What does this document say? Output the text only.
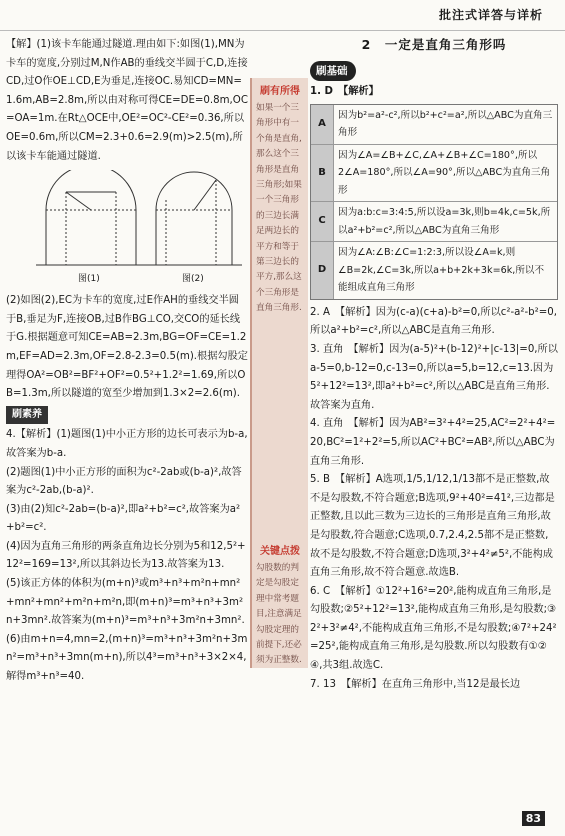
批注式详答与详析

【解】(1)该卡车能通过隧道.理由如下:如图(1),MN为卡车的宽度,分别过M,N作AB的垂线交半圆于C,D,连接CD,过O作OE⊥CD,E为垂足,连接OC.易知CD=MN=1.6m,AB=2.8m,所以由对称可得CE=DE=0.8m,OC=OA=1m.在Rt△OCE中,OE²=OC²-CE²=0.36,所以OE=0.6m,所以CM=2.3+0.6=2.9(m)>2.5(m),所以该卡车能通过隧道.

图(1)	图(2)

(2)如图(2),EC为卡车的宽度,过E作AH的垂线交半圆于B,垂足为F,连接OB,过B作BG⊥CO,交CO的延长线于G.根据题意可知CE=AB=2.3m,BG=OF=CE=1.2m,EF=AD=2.3m,OF=2.8-2.3=0.5(m).根据勾股定理得OA²=OB²=BF²+OF²=0.5²+1.2²=1.69,所以OB=1.3m,所以隧道的宽至少增加到1.3×2=2.6(m).

刷素养

4.【解析】(1)题图(1)中小正方形的边长可表示为b-a,故答案为b-a.
(2)题图(1)中小正方形的面积为c²-2ab或(b-a)²,故答案为c²-2ab,(b-a)².
(3)由(2)知c²-2ab=(b-a)²,即a²+b²=c²,故答案为a²+b²=c².
(4)因为直角三角形的两条直角边长分别为5和12,5²+12²=169=13²,所以其斜边长为13.故答案为13.
(5)该正方体的体积为(m+n)³或m³+n³+m²n+mn²+mn²+mn²+m²n+m²n,即(m+n)³=m³+n³+3m²n+3mn².故答案为(m+n)³=m³+n³+3m²n+3mn².
(6)由m+n=4,mn=2,(m+n)³=m³+n³+3m²n+3mn²=m³+n³+3mn(m+n),所以4³=m³+n³+3×2×4,解得m³+n³=40.

刷有所得
如果一个三角形中有一个角是直角,那么这个三角形是直角三角形;如果一个三角形的三边长满足两边长的平方和等于第三边长的平方,那么这个三角形是直角三角形.
2　一定是直角三角形吗
刷基础
1. D　【解析】
A
因为b²=a²-c²,所以b²+c²=a²,所以△ABC为直角三角形
B
因为∠A=∠B+∠C,∠A+∠B+∠C=180°,所以2∠A=180°,所以∠A=90°,所以△ABC为直角三角形
C
因为a:b:c=3:4:5,所以设a=3k,则b=4k,c=5k,所以a²+b²=c²,所以△ABC为直角三角形
D
因为∠A:∠B:∠C=1:2:3,所以设∠A=k,则∠B=2k,∠C=3k,所以a+b+2k+3k=6k,所以不能组成直角三角形

2. A　【解析】因为(c-a)(c+a)-b²=0,所以c²-a²-b²=0,所以a²+b²=c²,所以△ABC是直角三角形.

3. 直角　【解析】因为(a-5)²+(b-12)²+|c-13|=0,所以a-5=0,b-12=0,c-13=0,所以a=5,b=12,c=13.因为5²+12²=13²,即a²+b²=c²,所以△ABC是直角三角形.故答案为直角.

4. 直角　【解析】因为AB²=3²+4²=25,AC²=2²+4²=20,BC²=1²+2²=5,所以AC²+BC²=AB²,所以△ABC为直角三角形.

5. B　【解析】A选项,1/5,1/12,1/13都不是正整数,故不是勾股数,不符合题意;B选项,9²+40²=41²,三边都是正整数,且以此三数为三边长的三角形是直角三角形,故是勾股数,符合题意;C选项,0.7,2.4,2.5都不是正整数,故不是勾股数,不符合题意;D选项,3²+4²≠5²,不能构成直角三角形,故不符合题意.故选B.

6. C　【解析】①12²+16²=20²,能构成直角三角形,是勾股数;②5²+12²=13²,能构成直角三角形,是勾股数;③2²+3²≠4²,不能构成直角三角形,不是勾股数;④7²+24²=25²,能构成直角三角形,是勾股数.所以勾股数有①②④,共3组.故选C.

7. 13　【解析】在直角三角形中,当12是最长边

关键点拨
勾股数的判定是勾股定理中常考题目,注意满足勾股定理的前提下,还必须为正整数.
83
